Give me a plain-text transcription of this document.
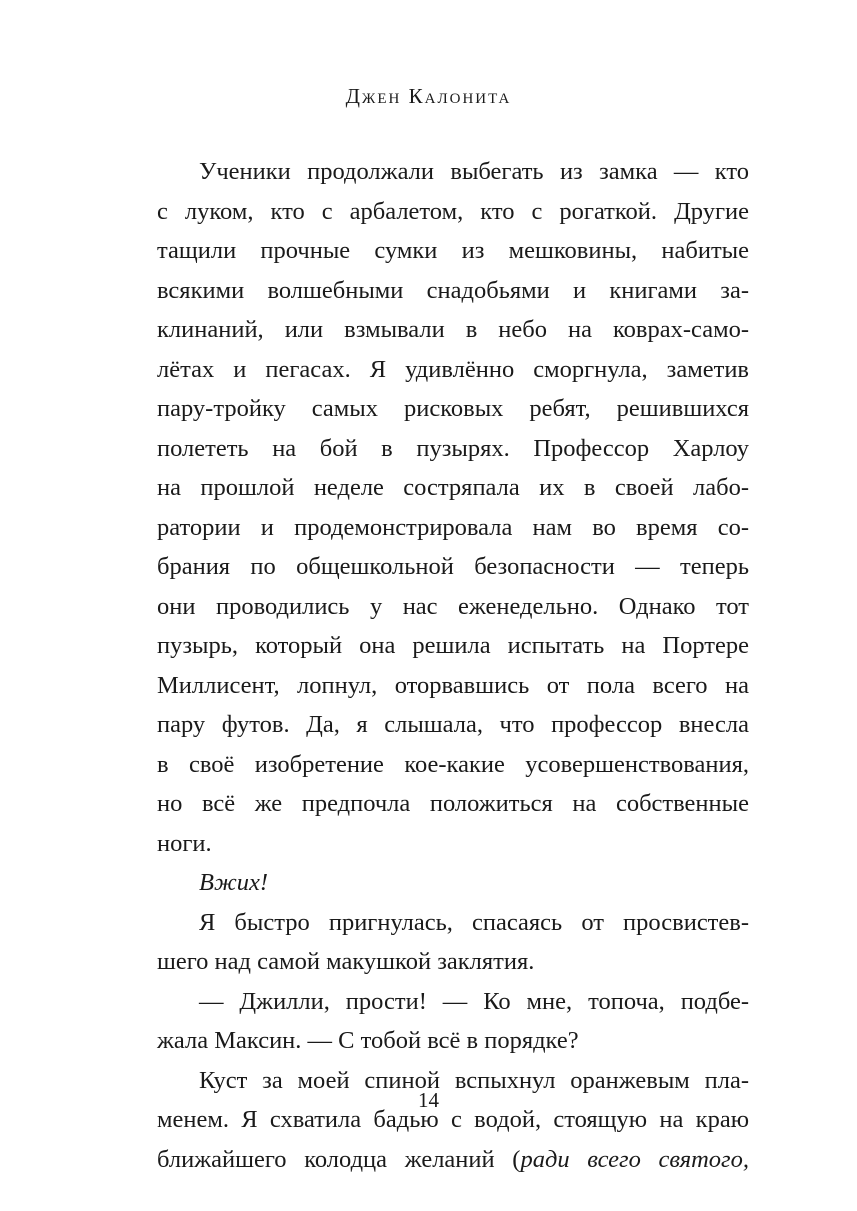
Джен Калонита

Ученики продолжали выбегать из замка — кто
с луком, кто с арбалетом, кто с рогаткой. Другие
тащили прочные сумки из мешковины, набитые
всякими волшебными снадобьями и книгами за-
клинаний, или взмывали в небо на коврах-само-
лётах и пегасах. Я удивлённо сморгнула, заметив
пару-тройку самых рисковых ребят, решившихся
полететь на бой в пузырях. Профессор Харлоу
на прошлой неделе состряпала их в своей лабо-
ратории и продемонстрировала нам во время со-
брания по общешкольной безопасности — теперь
они проводились у нас еженедельно. Однако тот
пузырь, который она решила испытать на Портере
Миллисент, лопнул, оторвавшись от пола всего на
пару футов. Да, я слышала, что профессор внесла
в своё изобретение кое-какие усовершенствования,
но всё же предпочла положиться на собственные
ноги.

Вжих!

Я быстро пригнулась, спасаясь от просвистев-
шего над самой макушкой заклятия.

— Джилли, прости! — Ко мне, топоча, подбе-
жала Максин. — С тобой всё в порядке?

Куст за моей спиной вспыхнул оранжевым пла-
менем. Я схватила бадью с водой, стоящую на краю
ближайшего колодца желаний (ради всего святого,

14
